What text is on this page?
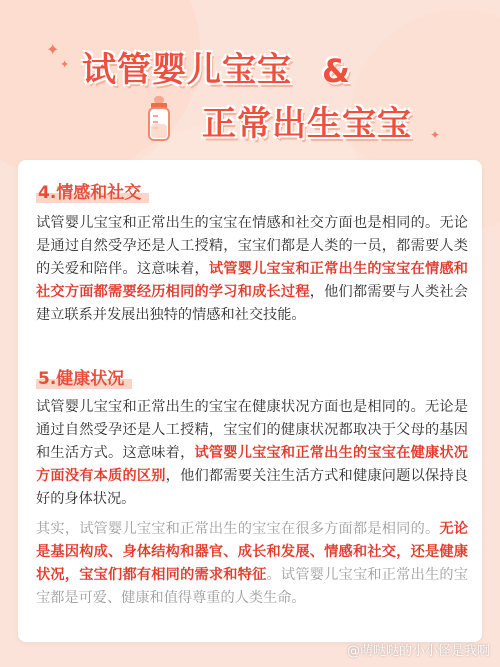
✦
✦
✦
试管婴儿宝宝 &
正常出生宝宝
4.情感和社交

试管婴儿宝宝和正常出生的宝宝在情感和社交方面也是相同的。无论是通过自然受孕还是人工授精，宝宝们都是人类的一员，都需要人类的关爱和陪伴。这意味着，试管婴儿宝宝和正常出生的宝宝在情感和社交方面都需要经历相同的学习和成长过程，他们都需要与人类社会建立联系并发展出独特的情感和社交技能。

5.健康状况

试管婴儿宝宝和正常出生的宝宝在健康状况方面也是相同的。无论是通过自然受孕还是人工授精，宝宝们的健康状况都取决于父母的基因和生活方式。这意味着，试管婴儿宝宝和正常出生的宝宝在健康状况方面没有本质的区别，他们都需要关注生活方式和健康问题以保持良好的身体状况。

其实，试管婴儿宝宝和正常出生的宝宝在很多方面都是相同的。无论是基因构成、身体结构和器官、成长和发展、情感和社交，还是健康状况，宝宝们都有相同的需求和特征。试管婴儿宝宝和正常出生的宝宝都是可爱、健康和值得尊重的人类生命。

@萌哒哒的小小怪是我啊
